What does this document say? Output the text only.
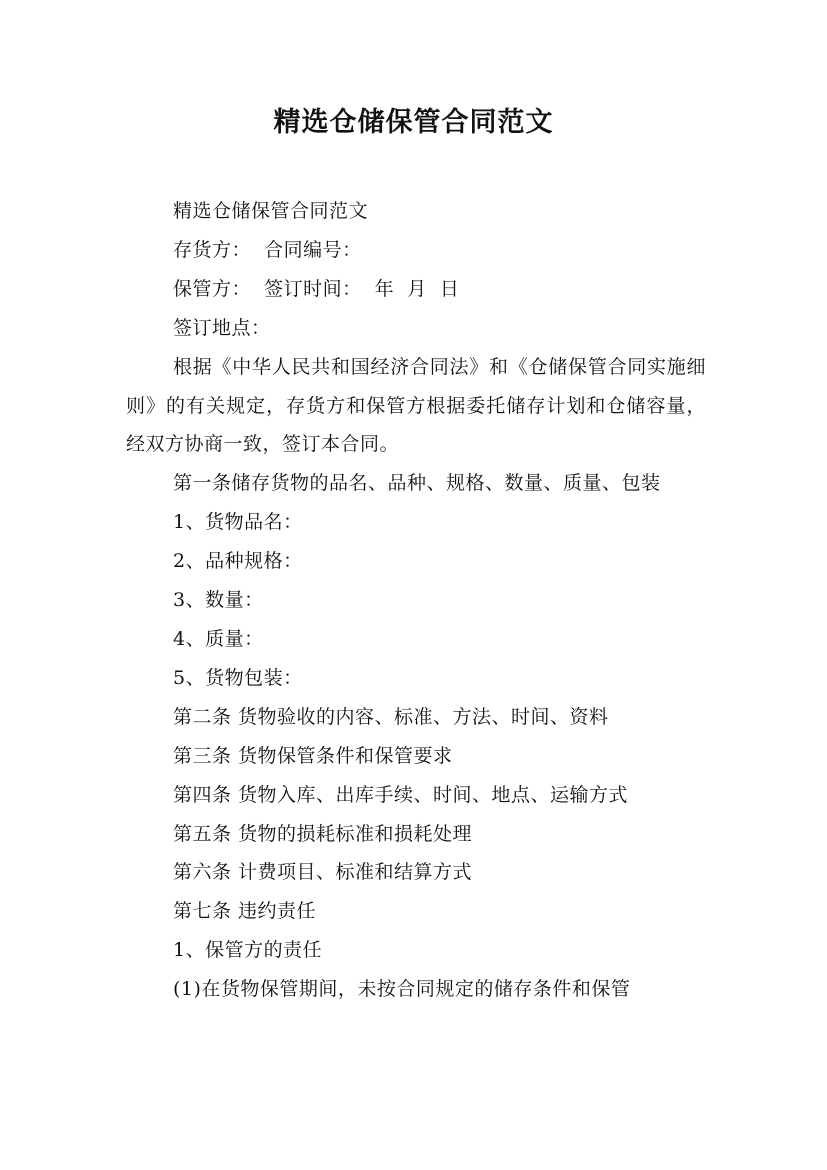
精选仓储保管合同范文

精选仓储保管合同范文

存货方：  合同编号：

保管方：  签订时间：  年  月  日

签订地点：

根据《中华人民共和国经济合同法》和《仓储保管合同实施细则》的有关规定，存货方和保管方根据委托储存计划和仓储容量，经双方协商一致，签订本合同。

第一条储存货物的品名、品种、规格、数量、质量、包装

1、货物品名：

2、品种规格：

3、数量：

4、质量：

5、货物包装：

第二条 货物验收的内容、标准、方法、时间、资料

第三条 货物保管条件和保管要求

第四条 货物入库、出库手续、时间、地点、运输方式

第五条 货物的损耗标准和损耗处理

第六条 计费项目、标准和结算方式

第七条 违约责任

1、保管方的责任

(1)在货物保管期间，未按合同规定的储存条件和保管
